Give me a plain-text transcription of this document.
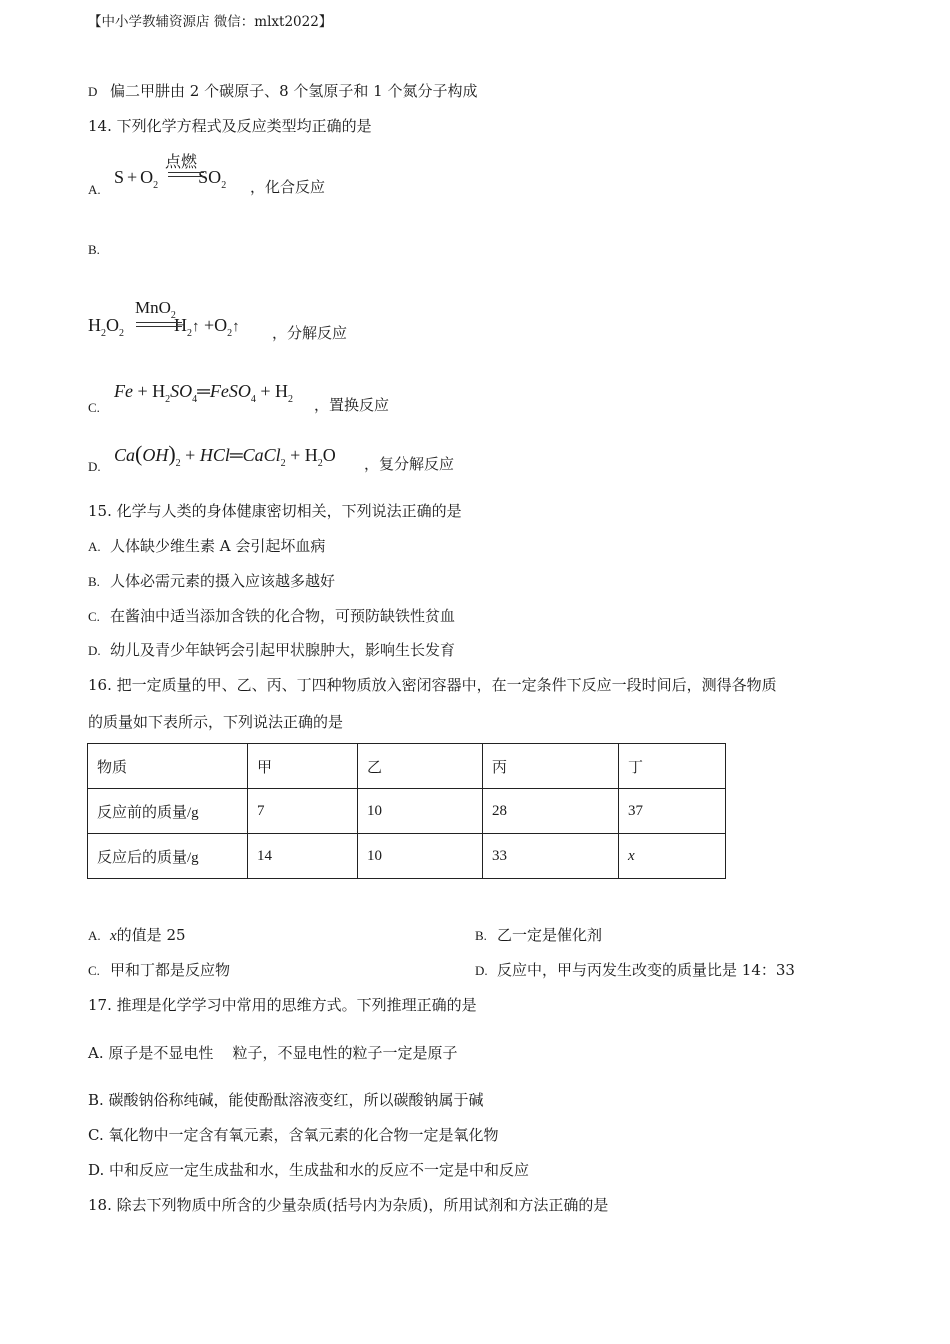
【中小学教辅资源店 微信：mlxt2022】
D 偏二甲肼由 2 个碳原子、8 个氢原子和 1 个氮分子构成
14. 下列化学方程式及反应类型均正确的是
A.
$S + O_2$ $SO_2$
点燃
，化合反应
B.
MnO$_2$
$H_2O_2$	$H_2↑$ $+O_2↑$ ，分解反应
C.
$Fe + H_2SO_4═FeSO_4 + H_2$ ，置换反应
D.
$Ca(OH)_2$ + HCl═CaCl$_2$ + $H_2O$ ，复分解反应
15. 化学与人类的身体健康密切相关，下列说法正确的是
A. 人体缺少维生素 A 会引起坏血病
B. 人体必需元素的摄入应该越多越好
C. 在酱油中适当添加含铁的化合物，可预防缺铁性贫血
D. 幼儿及青少年缺钙会引起甲状腺肿大，影响生长发育
16. 把一定质量的甲、乙、丙、丁四种物质放入密闭容器中，在一定条件下反应一段时间后，测得各物质
的质量如下表所示，下列说法正确的是
物质	甲	乙	丙	丁
反应前的质量/g	7	10	28	37
反应后的质量/g	14	10	33	x
A. x的值是 25	B. 乙一定是催化剂
C. 甲和丁都是反应物	D. 反应中，甲与丙发生改变的质量比是 14：33
17. 推理是化学学习中常用的思维方式。下列推理正确的是
A. 原子是不显电性    粒子，不显电性的粒子一定是原子
B. 碳酸钠俗称纯碱，能使酚酞溶液变红，所以碳酸钠属于碱
C. 氧化物中一定含有氧元素，含氧元素的化合物一定是氧化物
D. 中和反应一定生成盐和水，生成盐和水的反应不一定是中和反应
18. 除去下列物质中所含的少量杂质(括号内为杂质)，所用试剂和方法正确的是
